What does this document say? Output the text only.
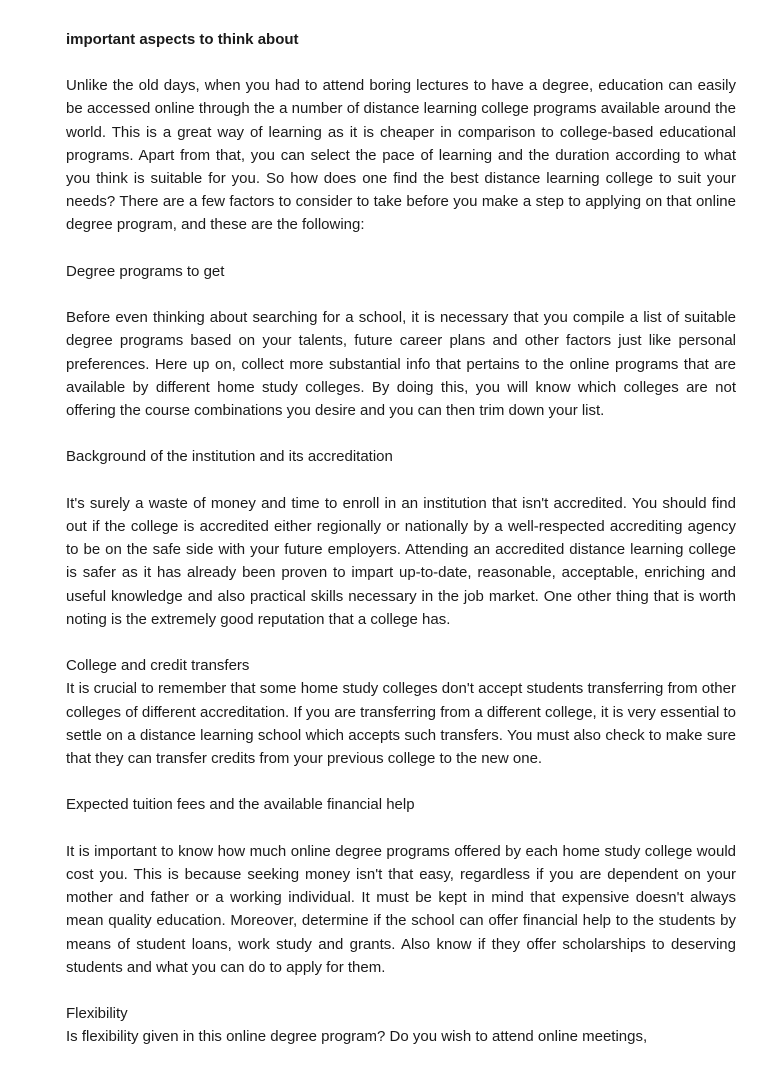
important aspects to think about

Unlike the old days, when you had to attend boring lectures to have a degree, education can easily be accessed online through the a number of distance learning college programs available around the world. This is a great way of learning as it is cheaper in comparison to college-based educational programs. Apart from that, you can select the pace of learning and the duration according to what you think is suitable for you. So how does one find the best distance learning college to suit your needs? There are a few factors to consider to take before you make a step to applying on that online degree program, and these are the following:

Degree programs to get

Before even thinking about searching for a school, it is necessary that you compile a list of suitable degree programs based on your talents, future career plans and other factors just like personal preferences. Here up on, collect more substantial info that pertains to the online programs that are available by different home study colleges. By doing this, you will know which colleges are not offering the course combinations you desire and you can then trim down your list.

Background of the institution and its accreditation

It's surely a waste of money and time to enroll in an institution that isn't accredited. You should find out if the college is accredited either regionally or nationally by a well-respected accrediting agency to be on the safe side with your future employers. Attending an accredited distance learning college is safer as it has already been proven to impart up-to-date, reasonable, acceptable, enriching and useful knowledge and also practical skills necessary in the job market. One other thing that is worth noting is the extremely good reputation that a college has.

College and credit transfers

It is crucial to remember that some home study colleges don't accept students transferring from other colleges of different accreditation. If you are transferring from a different college, it is very essential to settle on a distance learning school which accepts such transfers. You must also check to make sure that they can transfer credits from your previous college to the new one.

Expected tuition fees and the available financial help

It is important to know how much online degree programs offered by each home study college would cost you. This is because seeking money isn't that easy, regardless if you are dependent on your mother and father or a working individual. It must be kept in mind that expensive doesn't always mean quality education. Moreover, determine if the school can offer financial help to the students by means of student loans, work study and grants. Also know if they offer scholarships to deserving students and what you can do to apply for them.

Flexibility

Is flexibility given in this online degree program? Do you wish to attend online meetings,
